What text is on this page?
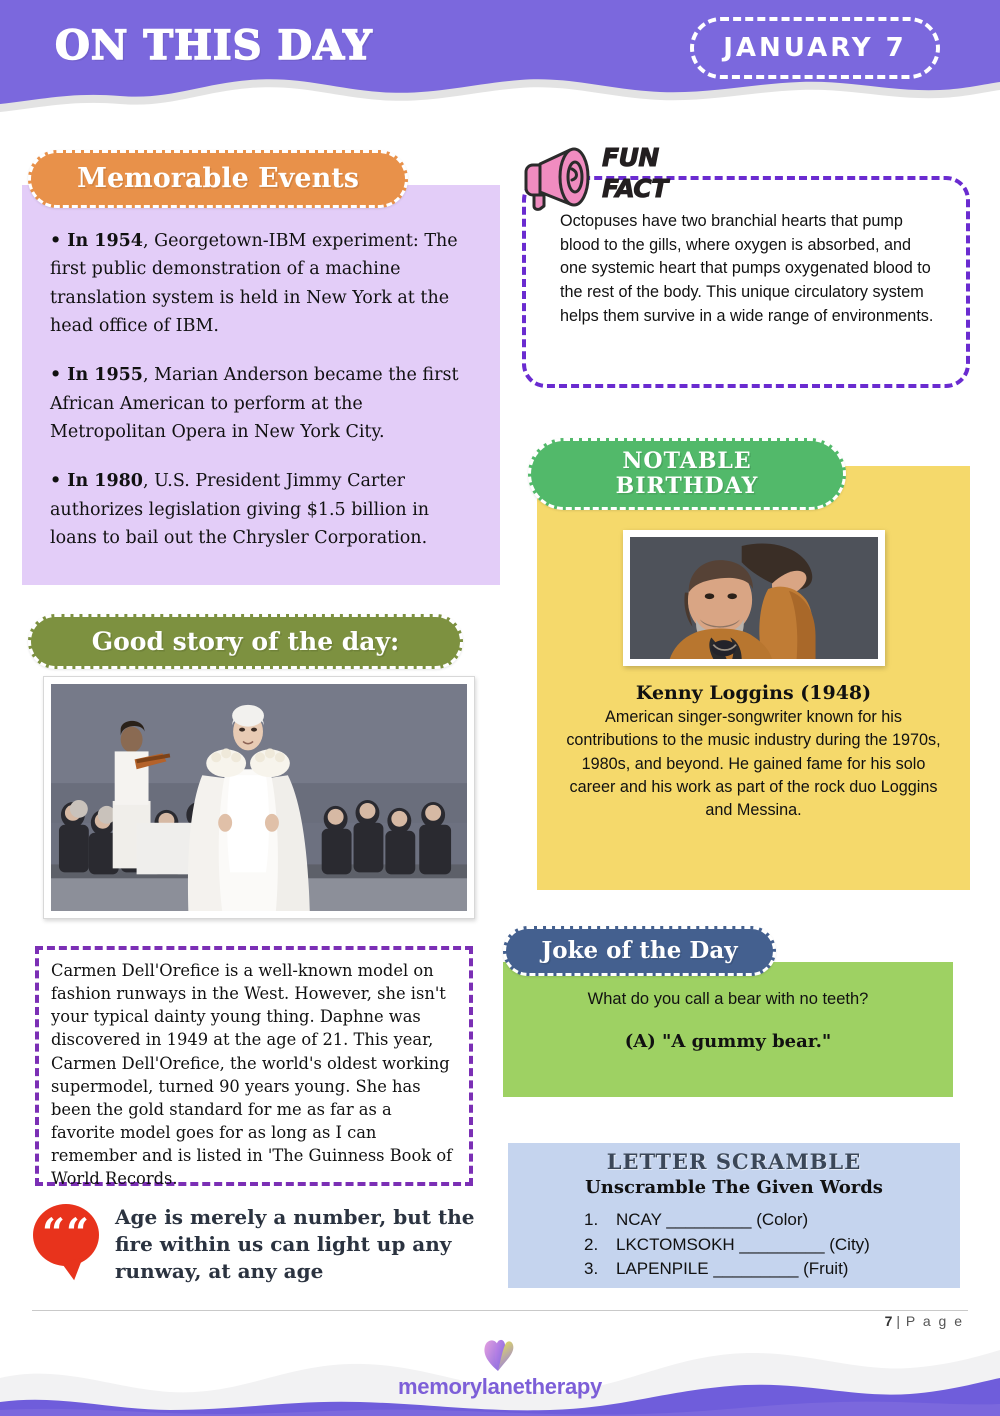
ON THIS DAY	JANUARY 7
• In 1954, Georgetown-IBM experiment: The first public demonstration of a machine translation system is held in New York at the head office of IBM.
• In 1955, Marian Anderson became the first African American to perform at the Metropolitan Opera in New York City.
• In 1980, U.S. President Jimmy Carter authorizes legislation giving $1.5 billion in loans to bail out the Chrysler Corporation.
Memorable Events
Octopuses have two branchial hearts that pump blood to the gills, where oxygen is absorbed, and one systemic heart that pumps oxygenated blood to the rest of the body. This unique circulatory system helps them survive in a wide range of environments.
FUN
FACT
Kenny Loggins (1948)
American singer-songwriter known for his contributions to the music industry during the 1970s, 1980s, and beyond. He gained fame for his solo career and his work as part of the rock duo Loggins and Messina.
NOTABLE
BIRTHDAY
Good story of the day:
Carmen Dell'Orefice is a well-known model on fashion runways in the West. However, she isn't your typical dainty young thing. Daphne was discovered in 1949 at the age of 21. This year, Carmen Dell'Orefice, the world's oldest working supermodel, turned 90 years young. She has been the gold standard for me as far as a favorite model goes for as long as I can remember and is listed in 'The Guinness Book of World Records.
““ Age is merely a number, but the fire within us can light up any runway, at any age
What do you call a bear with no teeth?
(A) "A gummy bear."
Joke of the Day
LETTER SCRAMBLE
Unscramble The Given Words
1. NCAY _________ (Color)
2. LKCTOMSOKH _________ (City)
3. LAPENPILE _________ (Fruit)
7 | P a g e
memorylanetherapy
